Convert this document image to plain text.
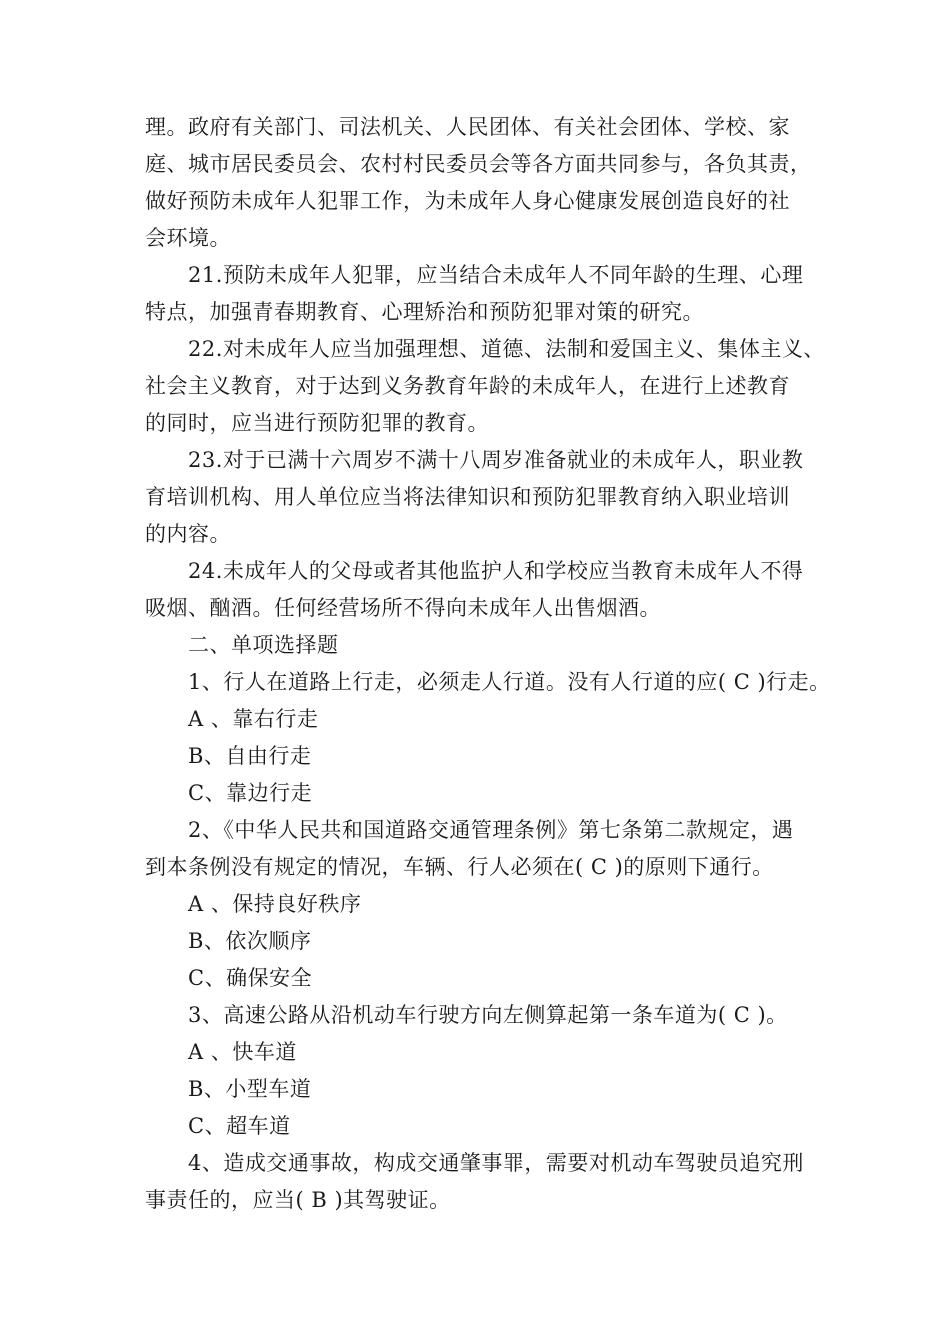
理。政府有关部门、司法机关、人民团体、有关社会团体、学校、家
庭、城市居民委员会、农村村民委员会等各方面共同参与，各负其责，
做好预防未成年人犯罪工作，为未成年人身心健康发展创造良好的社
会环境。
21.预防未成年人犯罪，应当结合未成年人不同年龄的生理、心理
特点，加强青春期教育、心理矫治和预防犯罪对策的研究。
22.对未成年人应当加强理想、道德、法制和爱国主义、集体主义、
社会主义教育，对于达到义务教育年龄的未成年人，在进行上述教育
的同时，应当进行预防犯罪的教育。
23.对于已满十六周岁不满十八周岁准备就业的未成年人，职业教
育培训机构、用人单位应当将法律知识和预防犯罪教育纳入职业培训
的内容。
24.未成年人的父母或者其他监护人和学校应当教育未成年人不得
吸烟、酗酒。任何经营场所不得向未成年人出售烟酒。
二、单项选择题
1、行人在道路上行走，必须走人行道。没有人行道的应( C )行走。
A 、靠右行走
B、自由行走
C、靠边行走
2、《中华人民共和国道路交通管理条例》第七条第二款规定，遇
到本条例没有规定的情况，车辆、行人必须在( C )的原则下通行。
A 、保持良好秩序
B、依次顺序
C、确保安全
3、高速公路从沿机动车行驶方向左侧算起第一条车道为( C )。
A 、快车道
B、小型车道
C、超车道
4、造成交通事故，构成交通肇事罪，需要对机动车驾驶员追究刑
事责任的，应当( B )其驾驶证。
